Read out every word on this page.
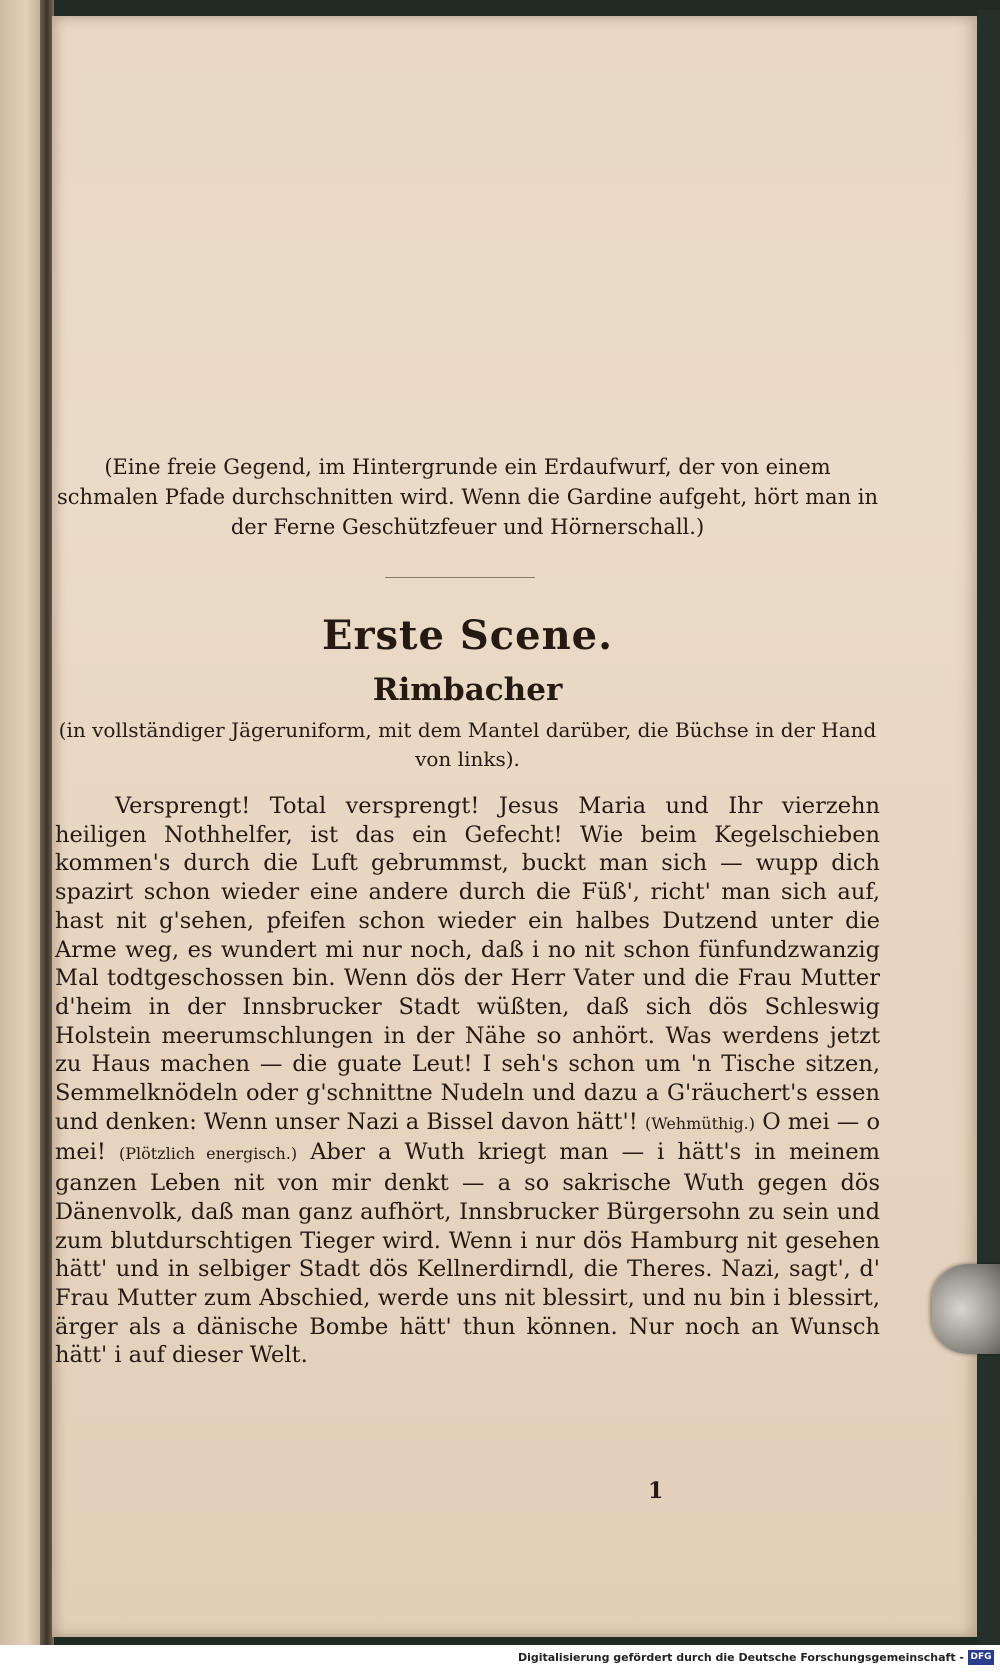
(Eine freie Gegend, im Hintergrunde ein Erdaufwurf, der von einem schmalen Pfade durchschnitten wird. Wenn die Gardine aufgeht, hört man in der Ferne Geschützfeuer und Hörnerschall.)
Erste Scene.
Rimbacher
(in vollständiger Jägeruniform, mit dem Mantel darüber, die Büchse in der Hand von links).

Versprengt! Total versprengt! Jesus Maria und Ihr vierzehn heiligen Nothhelfer, ist das ein Gefecht! Wie beim Kegelschieben kommen's durch die Luft gebrummst, buckt man sich — wupp dich spazirt schon wieder eine andere durch die Füß', richt' man sich auf, hast nit g'sehen, pfeifen schon wieder ein halbes Dutzend unter die Arme weg, es wundert mi nur noch, daß i no nit schon fünfundzwanzig Mal todtgeschossen bin. Wenn dös der Herr Vater und die Frau Mutter d'heim in der Innsbrucker Stadt wüßten, daß sich dös Schleswig Holstein meerumschlungen in der Nähe so anhört. Was werdens jetzt zu Haus machen — die guate Leut! I seh's schon um 'n Tische sitzen, Semmelknödeln oder g'schnittne Nudeln und dazu a G'räuchert's essen und denken: Wenn unser Nazi a Bissel davon hätt'! (Wehmüthig.) O mei — o mei! (Plötzlich energisch.) Aber a Wuth kriegt man — i hätt's in meinem ganzen Leben nit von mir denkt — a so sakrische Wuth gegen dös Dänenvolk, daß man ganz aufhört, Innsbrucker Bürgersohn zu sein und zum blutdurschtigen Tieger wird. Wenn i nur dös Hamburg nit gesehen hätt' und in selbiger Stadt dös Kellnerdirndl, die Theres. Nazi, sagt', d' Frau Mutter zum Abschied, werde uns nit blessirt, und nu bin i blessirt, ärger als a dänische Bombe hätt' thun können. Nur noch an Wunsch hätt' i auf dieser Welt.

1
Digitalisierung gefördert durch die Deutsche Forschungsgemeinschaft - DFG
